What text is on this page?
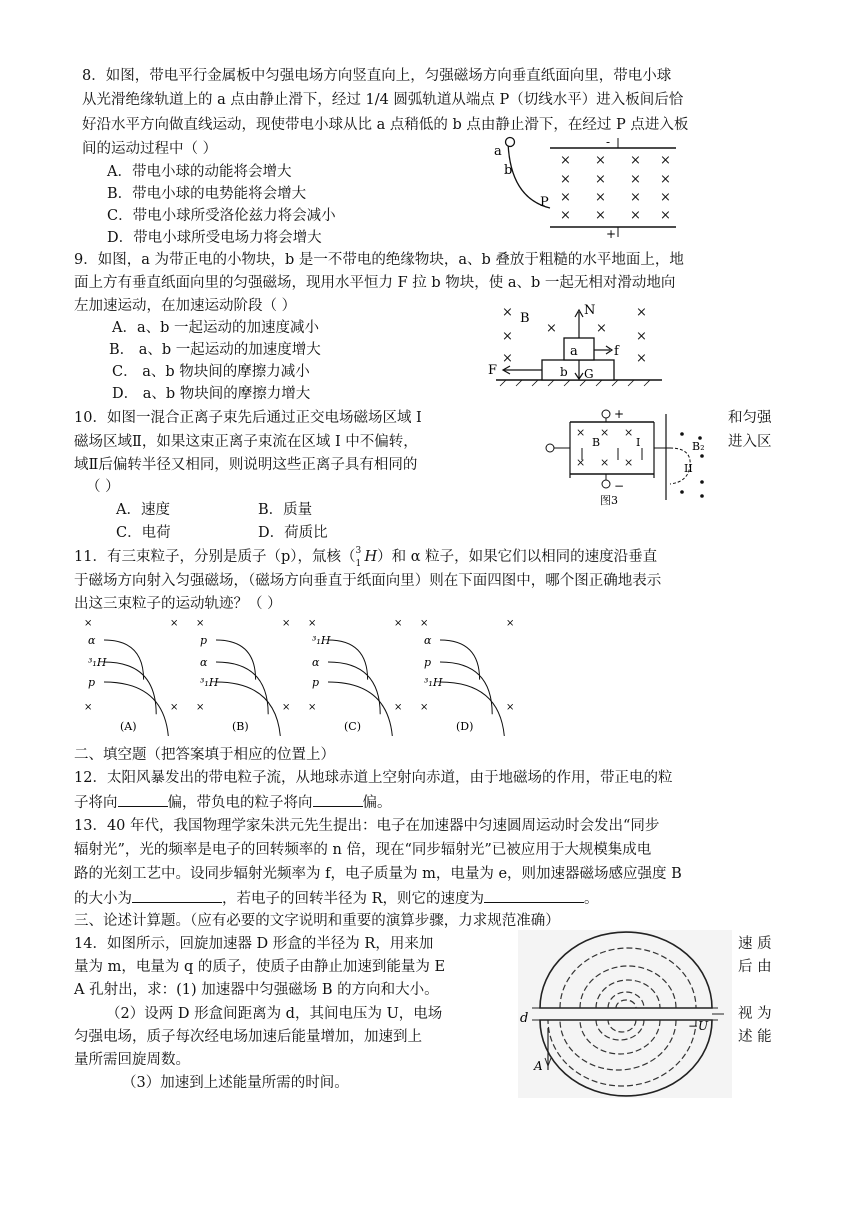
8．如图，带电平行金属板中匀强电场方向竖直向上，匀强磁场方向垂直纸面向里，带电小球
从光滑绝缘轨道上的 a 点由静止滑下，经过 1/4 圆弧轨道从端点 P（切线水平）进入板间后恰
好沿水平方向做直线运动，现使带电小球从比 a 点稍低的 b 点由静止滑下，在经过 P 点进入板
间的运动过程中（ ）
A．带电小球的动能将会增大
B．带电小球的电势能将会增大
C．带电小球所受洛伦兹力将会减小
D．带电小球所受电场力将会增大
-
+
× × × ×
× × × ×
× × × ×
× × × ×
a
b
P
9．如图，a 为带正电的小物块，b 是一不带电的绝缘物块，a、b 叠放于粗糙的水平地面上，地
面上方有垂直纸面向里的匀强磁场，现用水平恒力 F 拉 b 物块，使 a、b 一起无相对滑动地向
左加速运动，在加速运动阶段（ ）
A．a、b 一起运动的加速度减小
B． a、b 一起运动的加速度增大
C． a、b 物块间的摩擦力减小
D． a、b 物块间的摩擦力增大
×	×
×	×
×	×
×	×
B
a
b
N
f
G
F
10．如图一混合正离子束先后通过正交电场磁场区域 I
磁场区域Ⅱ，如果这束正离子束流在区域 I 中不偏转，
域Ⅱ后偏转半径又相同，则说明这些正离子具有相同的
和匀强
进入区
（ ）
A．速度	B．质量
C．电荷	D．荷质比
+
−
× × ×
× × ×
B	I	B₂
II
图3
11．有三束粒子，分别是质子（p），氚核（ 3
1 H）和 α 粒子，如果它们以相同的速度沿垂直
于磁场方向射入匀强磁场，（磁场方向垂直于纸面向里）则在下面四图中，哪个图正确地表示
出这三束粒子的运动轨迹？（ ）
×	×
×	×
α
³₁H
p
(A)
×	×
×	×
p
α
³₁H
(B)
×	×
×	×
³₁H
α
p
(C)
×	×
×	×
α
p
³₁H
(D)
二、填空题（把答案填于相应的位置上）
12．太阳风暴发出的带电粒子流，从地球赤道上空射向赤道，由于地磁场的作用，带正电的粒
子将向	偏，带负电的粒子将向	偏。
13．40 年代，我国物理学家朱洪元先生提出：电子在加速器中匀速圆周运动时会发出“同步
辐射光”，光的频率是电子的回转频率的 n 倍，现在“同步辐射光”已被应用于大规模集成电
路的光刻工艺中。设同步辐射光频率为 f，电子质量为 m，电量为 e，则加速器磁场感应强度 B
的大小为	，若电子的回转半径为 R，则它的速度为	。
三、论述计算题。（应有必要的文字说明和重要的演算步骤，力求规范准确）
14．如图所示，回旋加速器 D 形盒的半径为 R，用来加
量为 m，电量为 q 的质子，使质子由静止加速到能量为 E
A 孔射出，求：(1) 加速器中匀强磁场 B 的方向和大小。
（2）设两 D 形盒间距离为 d，其间电压为 U，电场
匀强电场，质子每次经电场加速后能量增加，加速到上
量所需回旋周数。
（3）加速到上述能量所需的时间。
速 质
后 由
视 为
述 能
d	−U
A
